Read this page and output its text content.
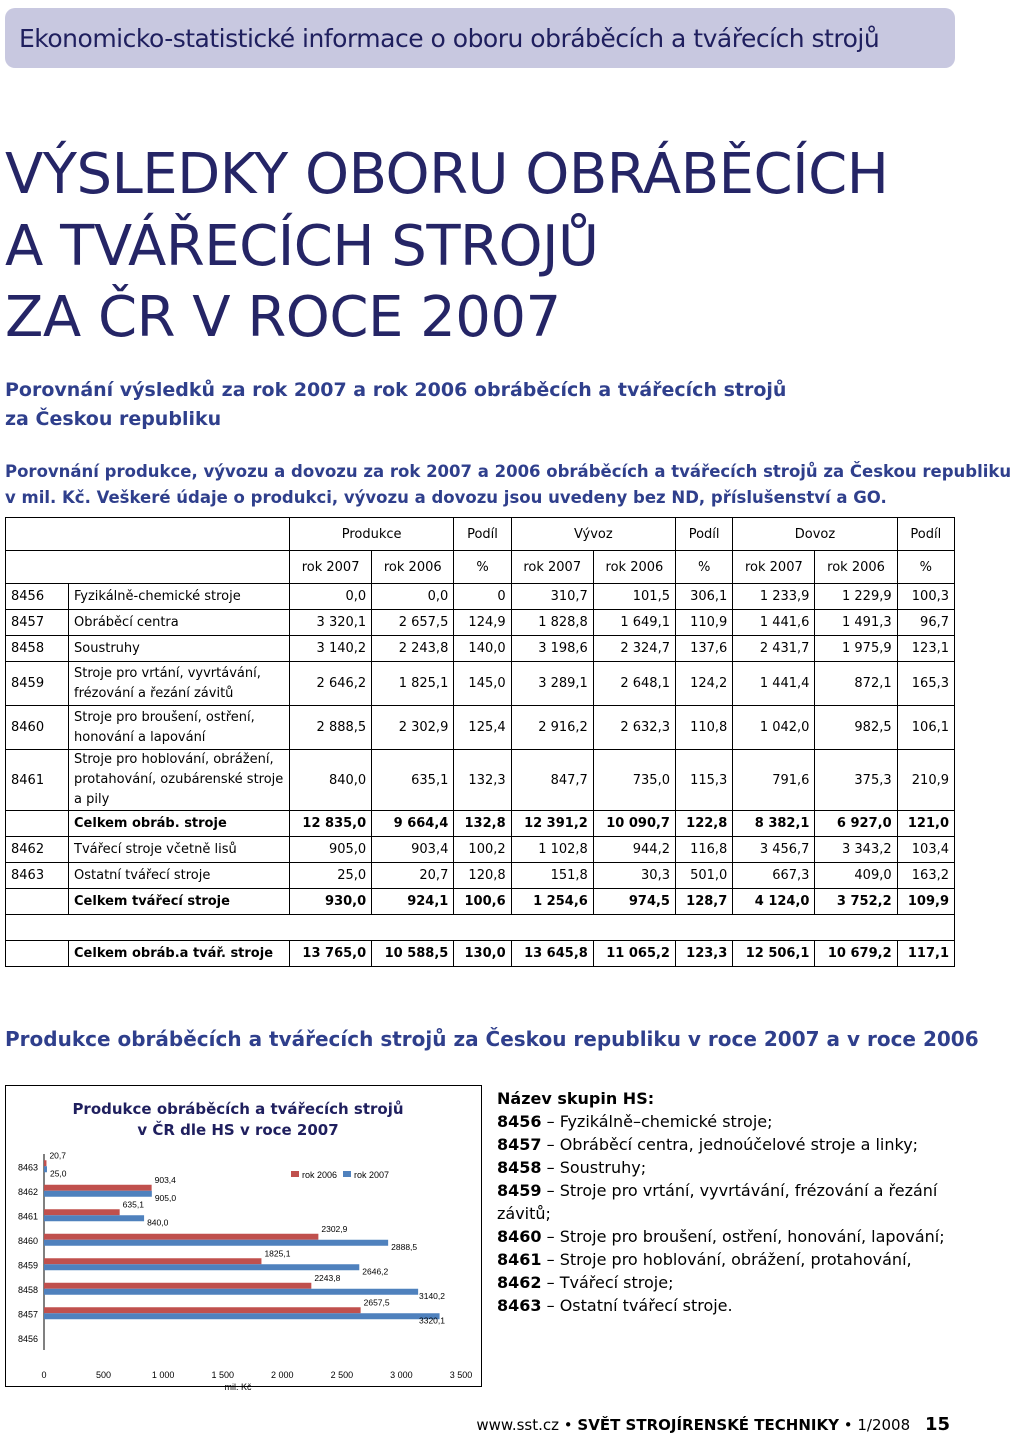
Ekonomicko-statistické informace o oboru obráběcích a tvářecích strojů
VÝSLEDKY OBORU OBRÁBĚCÍCH
A TVÁŘECÍCH STROJŮ
ZA ČR V ROCE 2007
Porovnání výsledků za rok 2007 a rok 2006 obráběcích a tvářecích strojů
za Českou republiku
Porovnání produkce, vývozu a dovozu za rok 2007 a 2006 obráběcích a tvářecích strojů za Českou republiku
v mil. Kč. Veškeré údaje o produkci, vývozu a dovozu jsou uvedeny bez ND, příslušenství a GO.
		Produkce		Podíl	Vývoz		Podíl	Dovoz		Podíl
		rok 2007	rok 2006	%	rok 2007	rok 2006	%	rok 2007	rok 2006	%
8456	Fyzikálně-chemické stroje	0,0	0,0	0	310,7	101,5	306,1	1 233,9	1 229,9	100,3
8457	Obráběcí centra	3 320,1	2 657,5	124,9	1 828,8	1 649,1	110,9	1 441,6	1 491,3	96,7
8458	Soustruhy	3 140,2	2 243,8	140,0	3 198,6	2 324,7	137,6	2 431,7	1 975,9	123,1
8459	Stroje pro vrtání, vyvrtávání, frézování a řezání závitů	2 646,2	1 825,1	145,0	3 289,1	2 648,1	124,2	1 441,4	872,1	165,3
8460	Stroje pro broušení, ostření, honování a lapování	2 888,5	2 302,9	125,4	2 916,2	2 632,3	110,8	1 042,0	982,5	106,1
8461	Stroje pro hoblování, obrážení, protahování, ozubárenské stroje a pily	840,0	635,1	132,3	847,7	735,0	115,3	791,6	375,3	210,9
	Celkem obráb. stroje	12 835,0	9 664,4	132,8	12 391,2	10 090,7	122,8	8 382,1	6 927,0	121,0
8462	Tvářecí stroje včetně lisů	905,0	903,4	100,2	1 102,8	944,2	116,8	3 456,7	3 343,2	103,4
8463	Ostatní tvářecí stroje	25,0	20,7	120,8	151,8	30,3	501,0	667,3	409,0	163,2
	Celkem tvářecí stroje	930,0	924,1	100,6	1 254,6	974,5	128,7	4 124,0	3 752,2	109,9

	Celkem obráb.a tvář. stroje	13 765,0	10 588,5	130,0	13 645,8	11 065,2	123,3	12 506,1	10 679,2	117,1
Produkce obráběcích a tvářecích strojů za Českou republiku v roce 2007 a v roce 2006
Produkce obráběcích a tvářecích strojů
v ČR dle HS v roce 2007
rok 2006 rok 2007
8463
20,7
25,0
8462
903,4
905,0
8461
635,1
840,0
8460
2302,9
2888,5
8459
1825,1
2646,2
8458
2243,8
3140,2
8457
2657,5
3320,1
8456
0	500	1 000	1 500	2 000	2 500	3 000	3 500
mil. Kč
Název skupin HS:
8456 – Fyzikálně–chemické stroje;
8457 – Obráběcí centra, jednoúčelové stroje a linky;
8458 – Soustruhy;
8459 – Stroje pro vrtání, vyvrtávání, frézování a řezání závitů;
8460 – Stroje pro broušení, ostření, honování, lapování;
8461 – Stroje pro hoblování, obrážení, protahování,
8462 – Tvářecí stroje;
8463 – Ostatní tvářecí stroje.
www.sst.cz • SVĚT STROJÍRENSKÉ TECHNIKY • 1/2008 15
